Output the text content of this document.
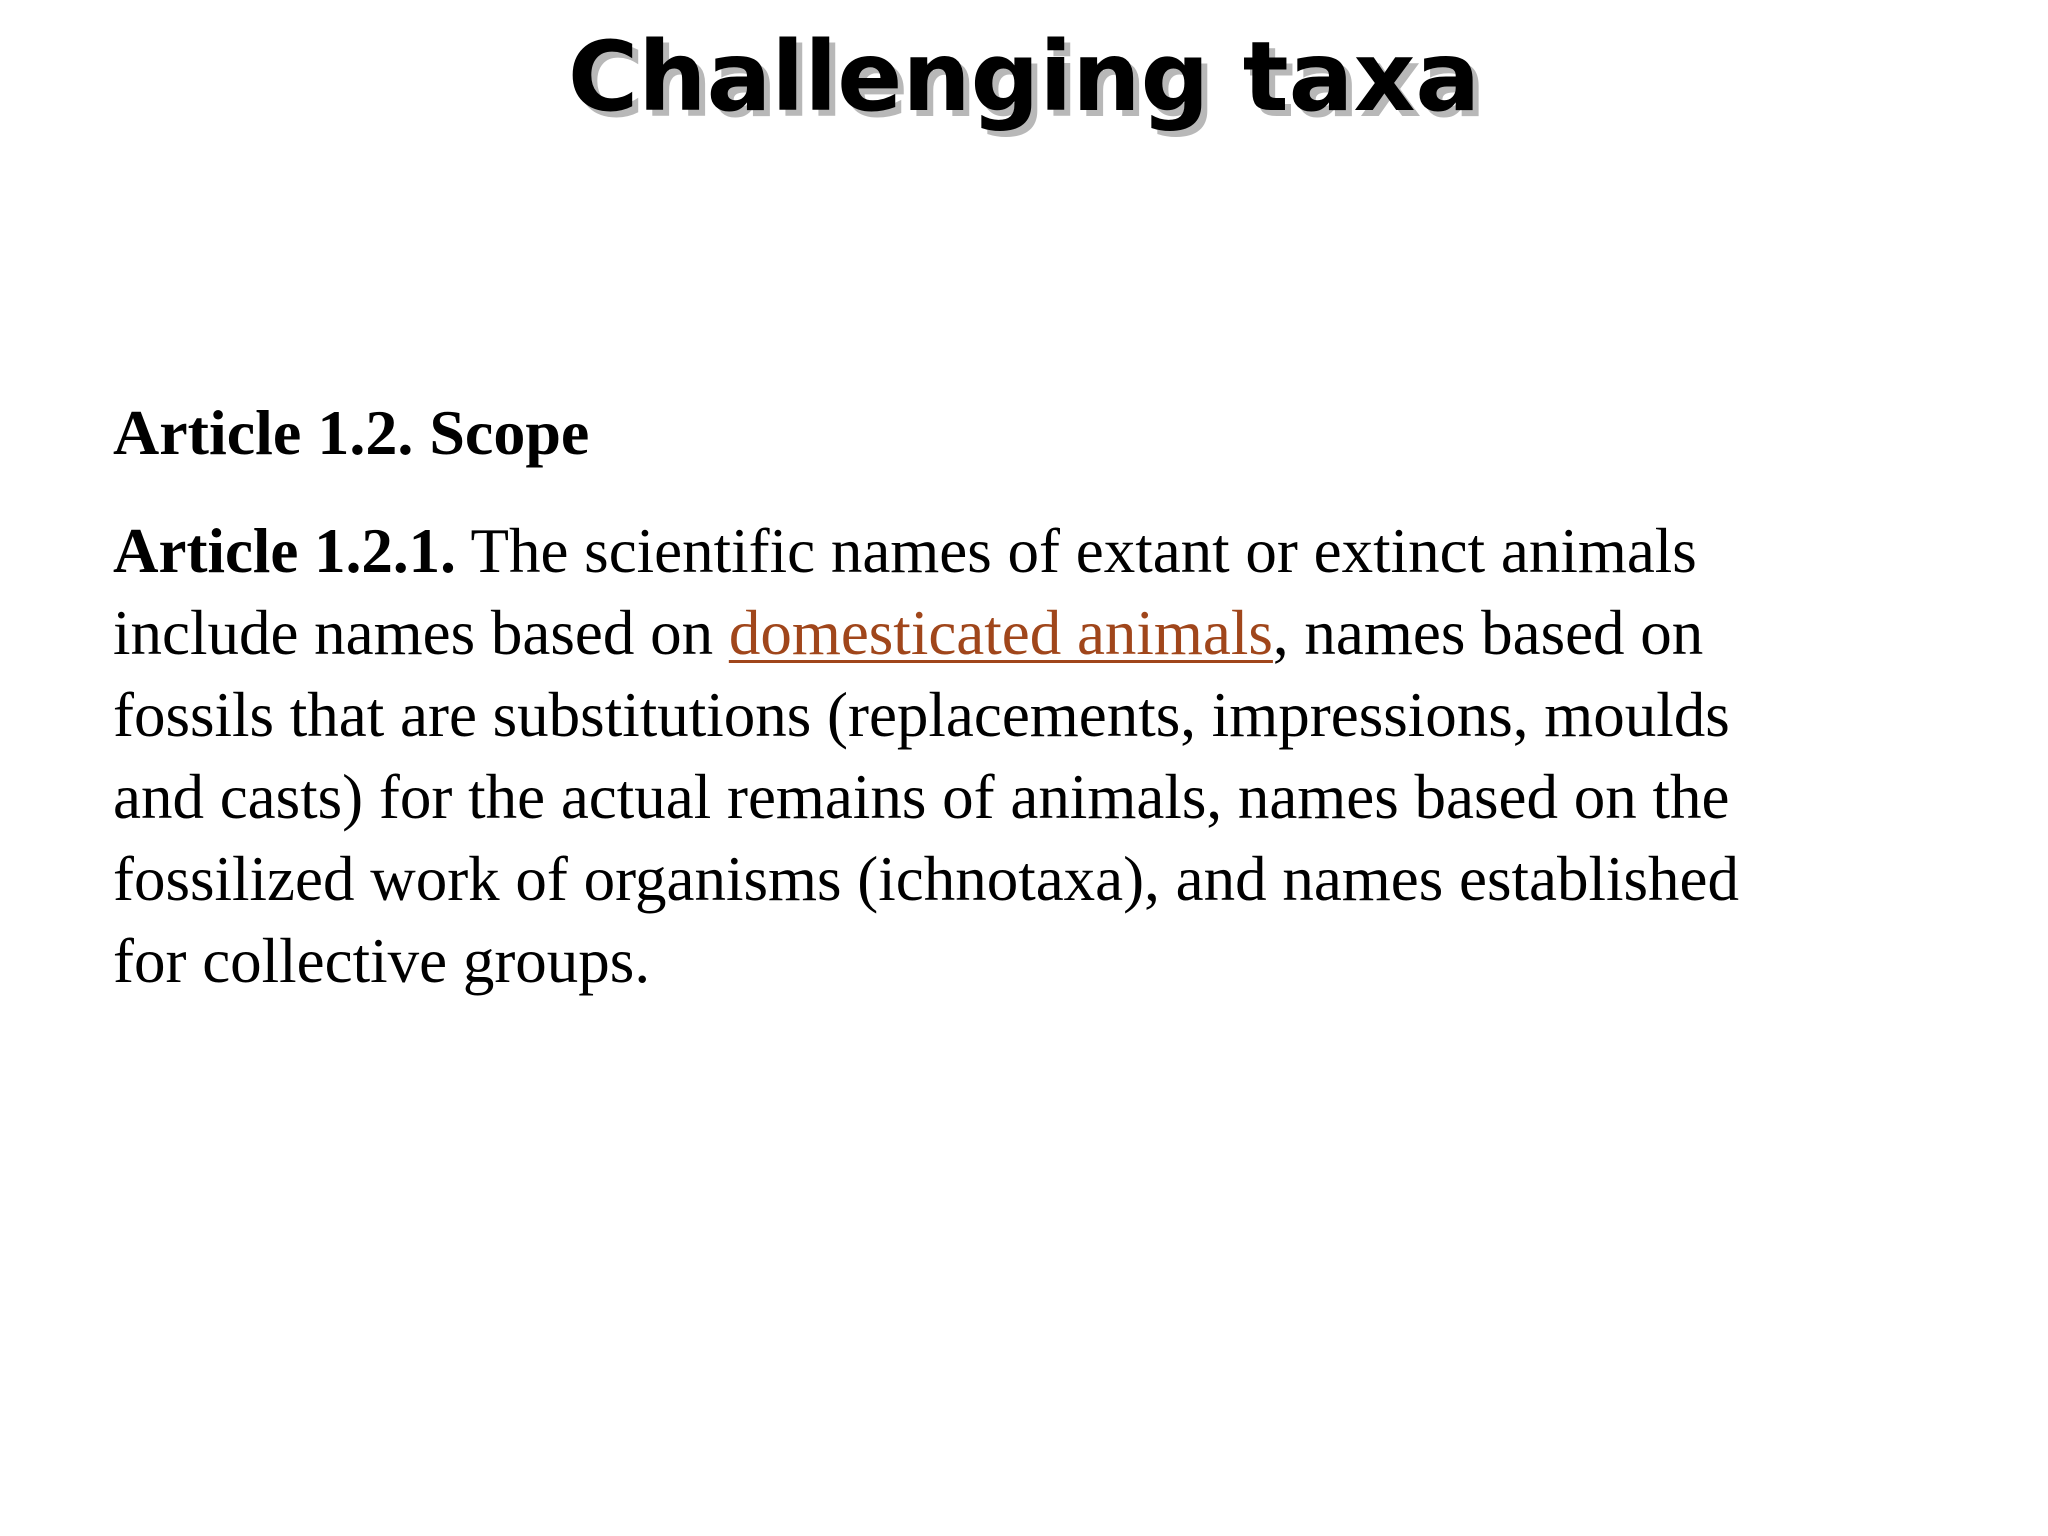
Challenging taxa

Article 1.2. Scope

Article 1.2.1. The scientific names of extant or extinct animals
include names based on domesticated animals, names based on
fossils that are substitutions (replacements, impressions, moulds
and casts) for the actual remains of animals, names based on the
fossilized work of organisms (ichnotaxa), and names established
for collective groups.
